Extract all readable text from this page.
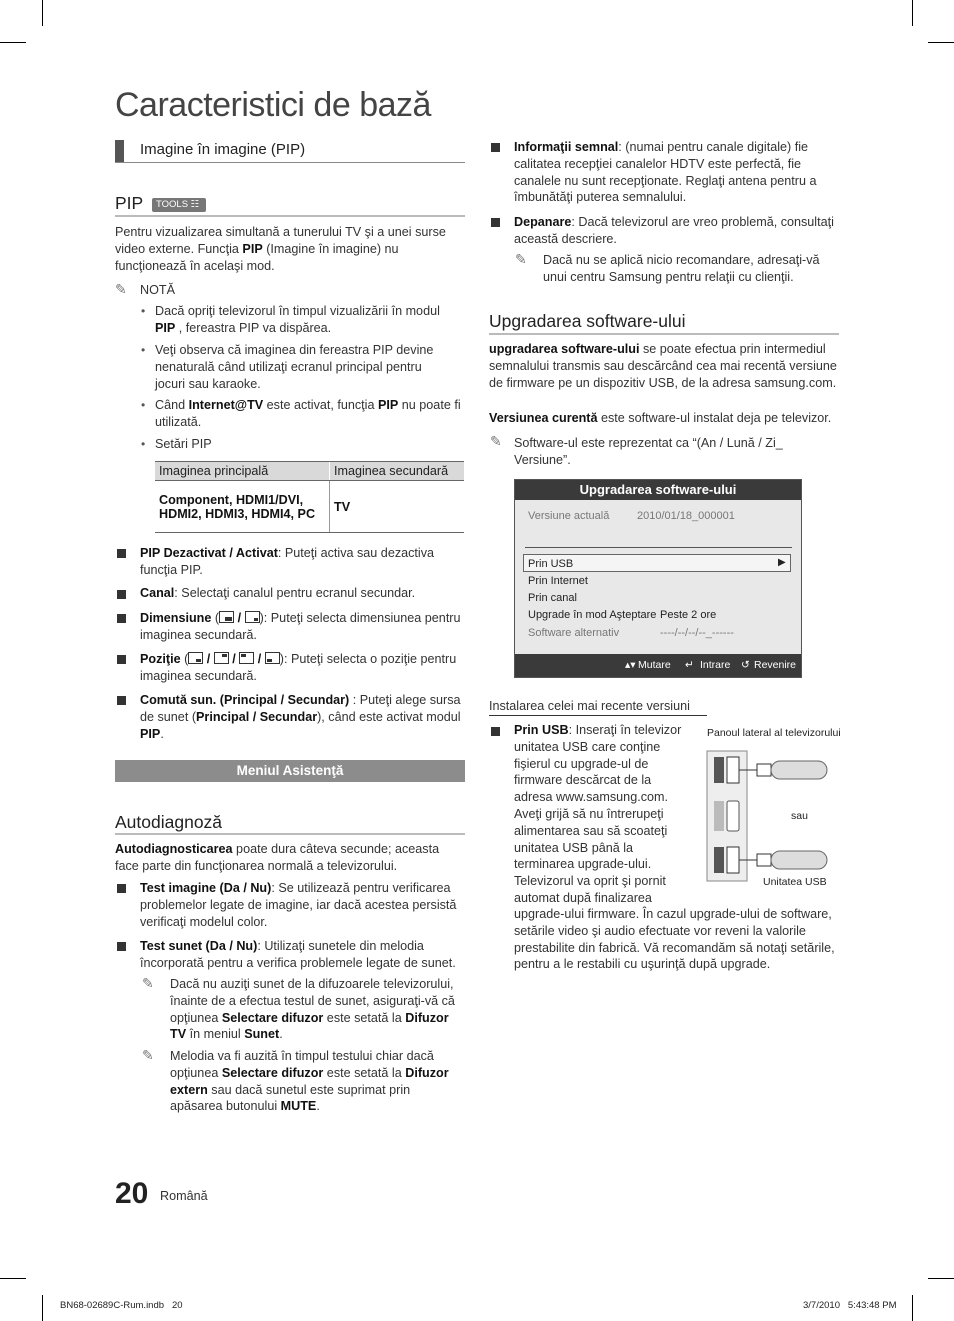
Caracteristici de bază
Imagine în imagine (PIP)
PIP	TOOLS ☷
Pentru vizualizarea simultană a tunerului TV şi a unei surse video externe. Funcţia PIP (Imagine în imagine) nu funcţionează în acelaşi mod.
✎ NOTĂ
• Dacă opriţi televizorul în timpul vizualizării în modul PIP , fereastra PIP va dispărea.
• Veţi observa că imaginea din fereastra PIP devine nenaturală când utilizaţi ecranul principal pentru jocuri sau karaoke.
• Când Internet@TV este activat, funcţia PIP nu poate fi utilizată.
• Setări PIP
Imaginea principală	Imaginea secundară
Component, HDMI1/DVI, HDMI2, HDMI3, HDMI4, PC	TV
PIP Dezactivat / Activat: Puteţi activa sau dezactiva funcţia PIP.
Canal: Selectaţi canalul pentru ecranul secundar.
Dimensiune ( / ): Puteţi selecta dimensiunea pentru imaginea secundară.
Poziţie ( / / / ): Puteţi selecta o poziţie pentru imaginea secundară.
Comută sun. (Principal / Secundar) : Puteţi alege sursa de sunet (Principal / Secundar), când este activat modul PIP.
Meniul Asistenţă
Autodiagnoză
Autodiagnosticarea poate dura câteva secunde; aceasta face parte din funcţionarea normală a televizorului.
Test imagine (Da / Nu): Se utilizează pentru verificarea problemelor legate de imagine, iar dacă acestea persistă verificaţi modelul color.
Test sunet (Da / Nu): Utilizaţi sunetele din melodia încorporată pentru a verifica problemele legate de sunet.
✎ Dacă nu auziţi sunet de la difuzoarele televizorului, înainte de a efectua testul de sunet, asiguraţi-vă că opţiunea Selectare difuzor este setată la Difuzor TV în meniul Sunet.
✎ Melodia va fi auzită în timpul testului chiar dacă opţiunea Selectare difuzor este setată la Difuzor extern sau dacă sunetul este suprimat prin apăsarea butonului MUTE.
Informaţii semnal: (numai pentru canale digitale) fie calitatea recepţiei canalelor HDTV este perfectă, fie canalele nu sunt recepţionate. Reglaţi antena pentru a îmbunătăţi puterea semnalului.
Depanare: Dacă televizorul are vreo problemă, consultaţi această descriere.
✎ Dacă nu se aplică nicio recomandare, adresaţi-vă unui centru Samsung pentru relaţii cu clienţii.
Upgradarea software-ului
upgradarea software-ului se poate efectua prin intermediul semnalului transmis sau descărcând cea mai recentă versiune de firmware pe un dispozitiv USB, de la adresa samsung.com.
Versiunea curentă este software-ul instalat deja pe televizor.
✎ Software-ul este reprezentat ca “(An / Lună / Zi_ Versiune”.
Upgradarea software-ului
Versiune actuală	2010/01/18_000001
Prin USB	▶
Prin Internet
Prin canal
Upgrade în mod Aşteptare Peste 2 ore
Software alternativ	----/--/--/--_------
▴▾ Mutare ↵ Intrare ↺ Revenire
Instalarea celei mai recente versiuni
Prin USB: Inseraţi în televizor unitatea USB care conţine fişierul cu upgrade-ul de firmware descărcat de la adresa www.samsung.com. Aveţi grijă să nu întrerupeţi alimentarea sau să scoateţi unitatea USB până la terminarea upgrade-ului. Televizorul va oprit şi pornit automat după finalizarea
upgrade-ului firmware. În cazul upgrade-ului de software, setările video şi audio efectuate vor reveni la valorile prestabilite din fabrică. Vă recomandăm să notaţi setările, pentru a le restabili cu uşurinţă după upgrade.
Panoul lateral al televizorului
sau
Unitatea USB
20 Română
BN68-02689C-Rum.indb   20	3/7/2010   5:43:48 PM
